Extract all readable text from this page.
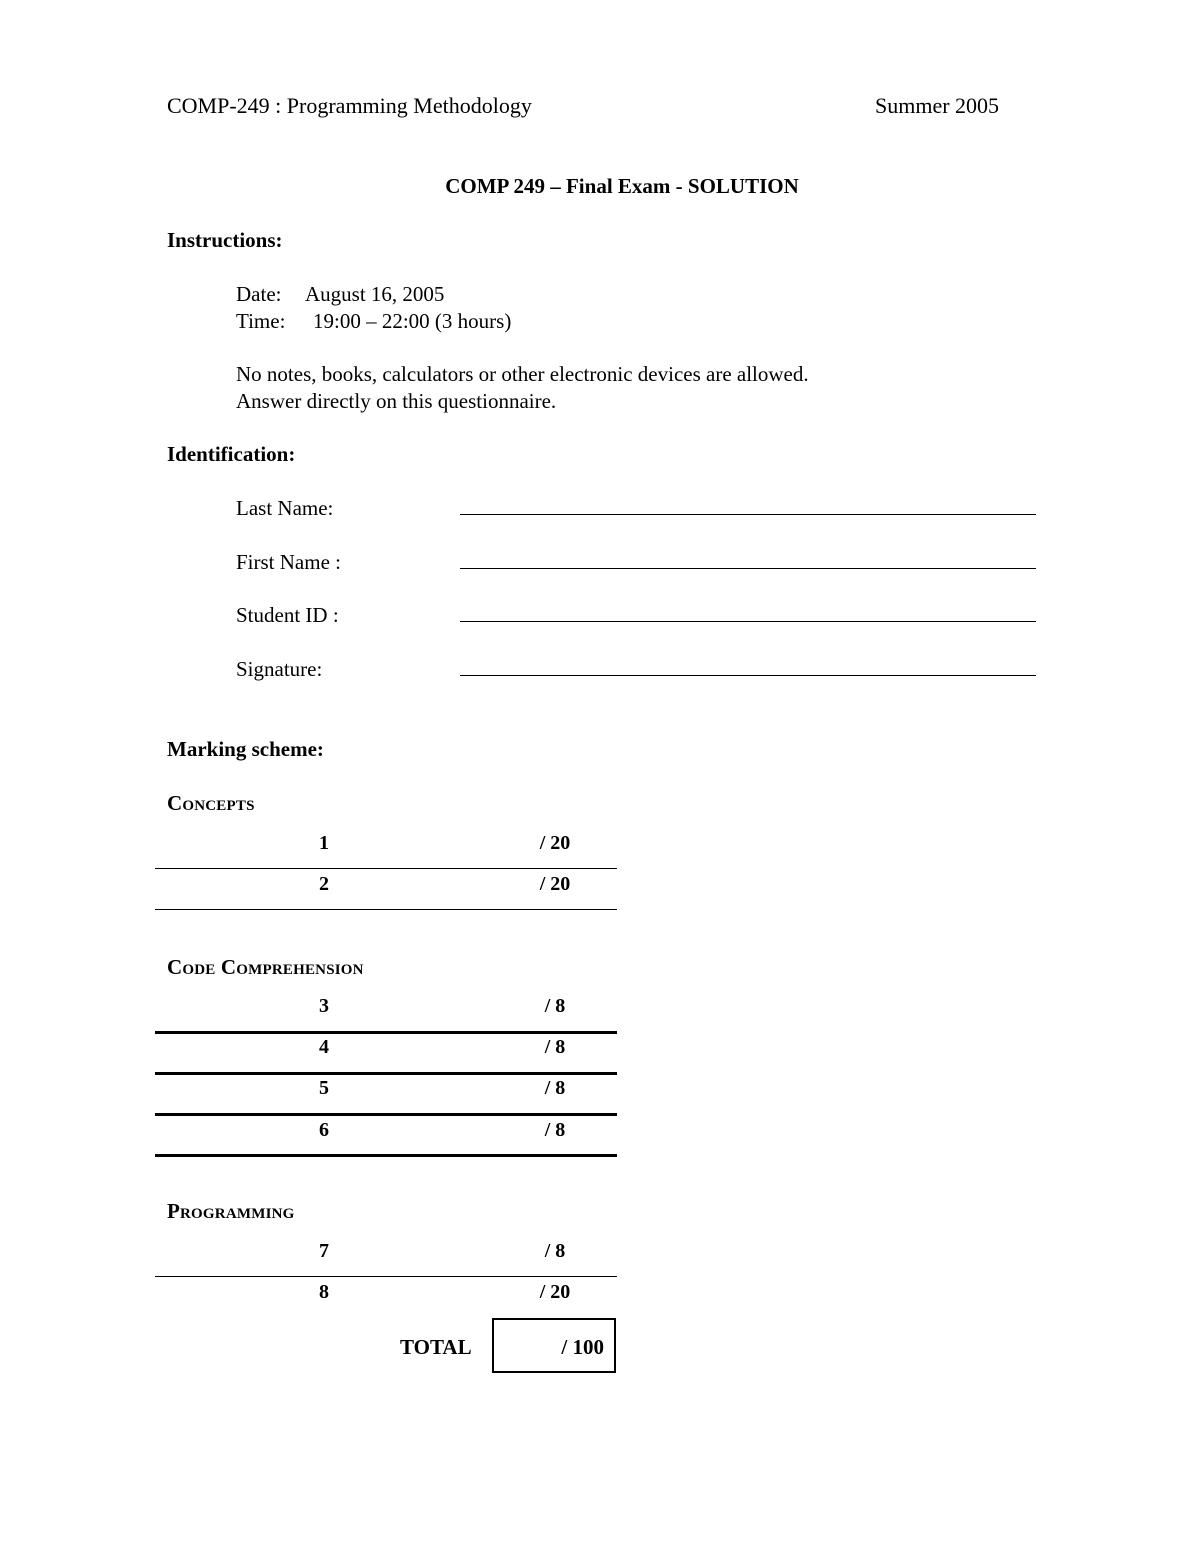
COMP-249 : Programming Methodology	Summer 2005
COMP 249 – Final Exam - SOLUTION
Instructions:
Date: August 16, 2005
Time: 19:00 – 22:00 (3 hours)
No notes, books, calculators or other electronic devices are allowed.
Answer directly on this questionnaire.
Identification:
Last Name:
First Name :
Student ID :
Signature:
Marking scheme:
Concepts
1	/ 20
2	/ 20
Code Comprehension
3	/ 8
4	/ 8
5	/ 8
6	/ 8
Programming
7	/ 8
8	/ 20
TOTAL	/ 100
